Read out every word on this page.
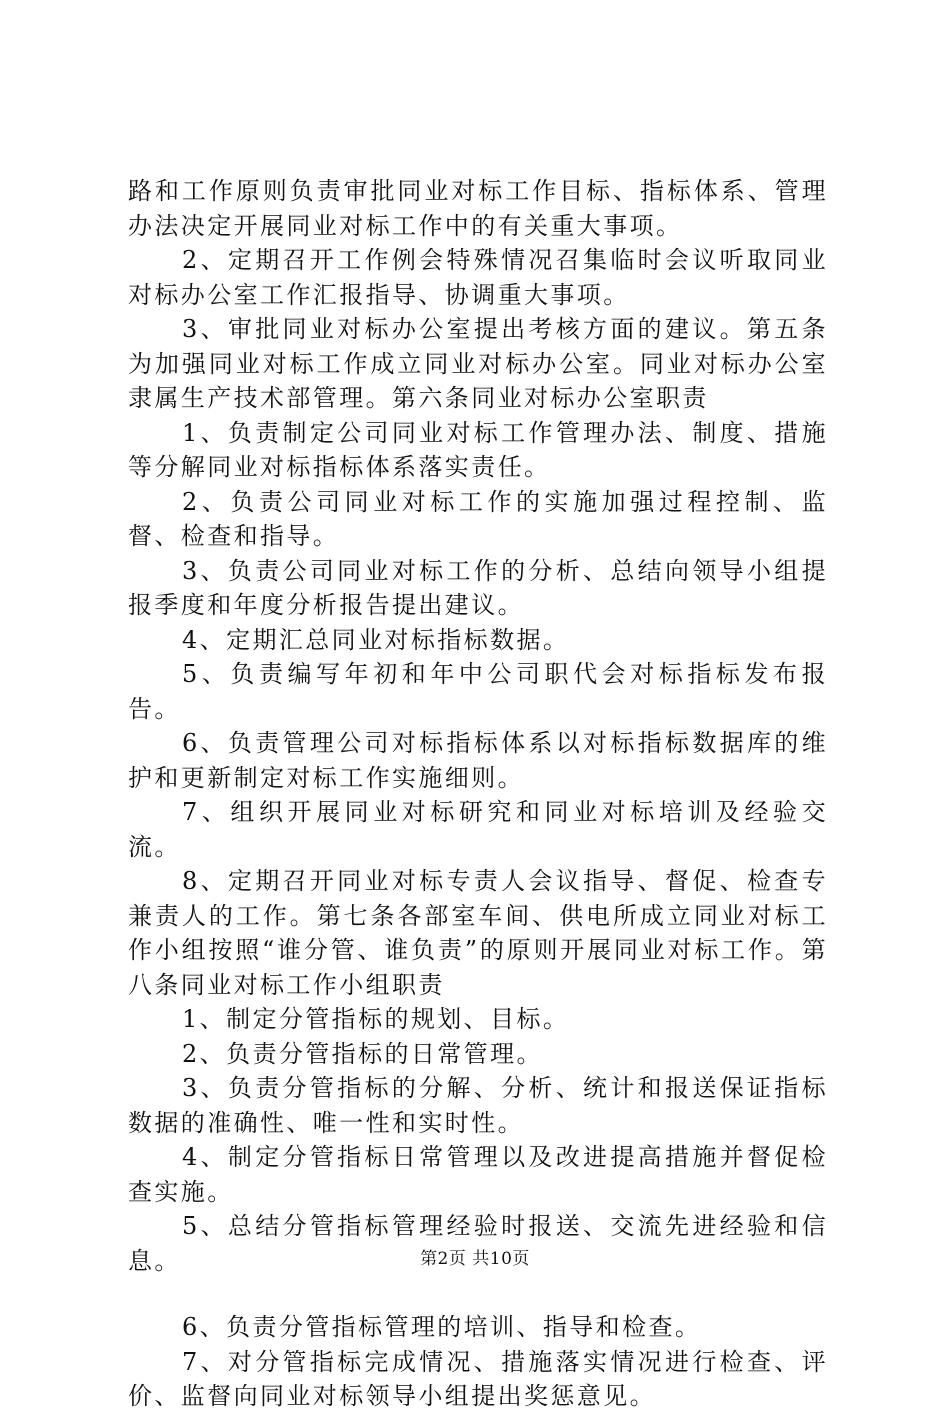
路和工作原则负责审批同业对标工作目标、指标体系、管理办法决定开展同业对标工作中的有关重大事项。

2、定期召开工作例会特殊情况召集临时会议听取同业对标办公室工作汇报指导、协调重大事项。

3、审批同业对标办公室提出考核方面的建议。第五条为加强同业对标工作成立同业对标办公室。同业对标办公室隶属生产技术部管理。第六条同业对标办公室职责

1、负责制定公司同业对标工作管理办法、制度、措施等分解同业对标指标体系落实责任。

2、负责公司同业对标工作的实施加强过程控制、监督、检查和指导。

3、负责公司同业对标工作的分析、总结向领导小组提报季度和年度分析报告提出建议。

4、定期汇总同业对标指标数据。

5、负责编写年初和年中公司职代会对标指标发布报告。

6、负责管理公司对标指标体系以对标指标数据库的维护和更新制定对标工作实施细则。

7、组织开展同业对标研究和同业对标培训及经验交流。

8、定期召开同业对标专责人会议指导、督促、检查专兼责人的工作。第七条各部室车间、供电所成立同业对标工作小组按照“谁分管、谁负责”的原则开展同业对标工作。第八条同业对标工作小组职责

1、制定分管指标的规划、目标。

2、负责分管指标的日常管理。

3、负责分管指标的分解、分析、统计和报送保证指标数据的准确性、唯一性和实时性。

4、制定分管指标日常管理以及改进提高措施并督促检查实施。

5、总结分管指标管理经验时报送、交流先进经验和信息。

6、负责分管指标管理的培训、指导和检查。

7、对分管指标完成情况、措施落实情况进行检查、评价、监督向同业对标领导小组提出奖惩意见。

第2页 共10页
